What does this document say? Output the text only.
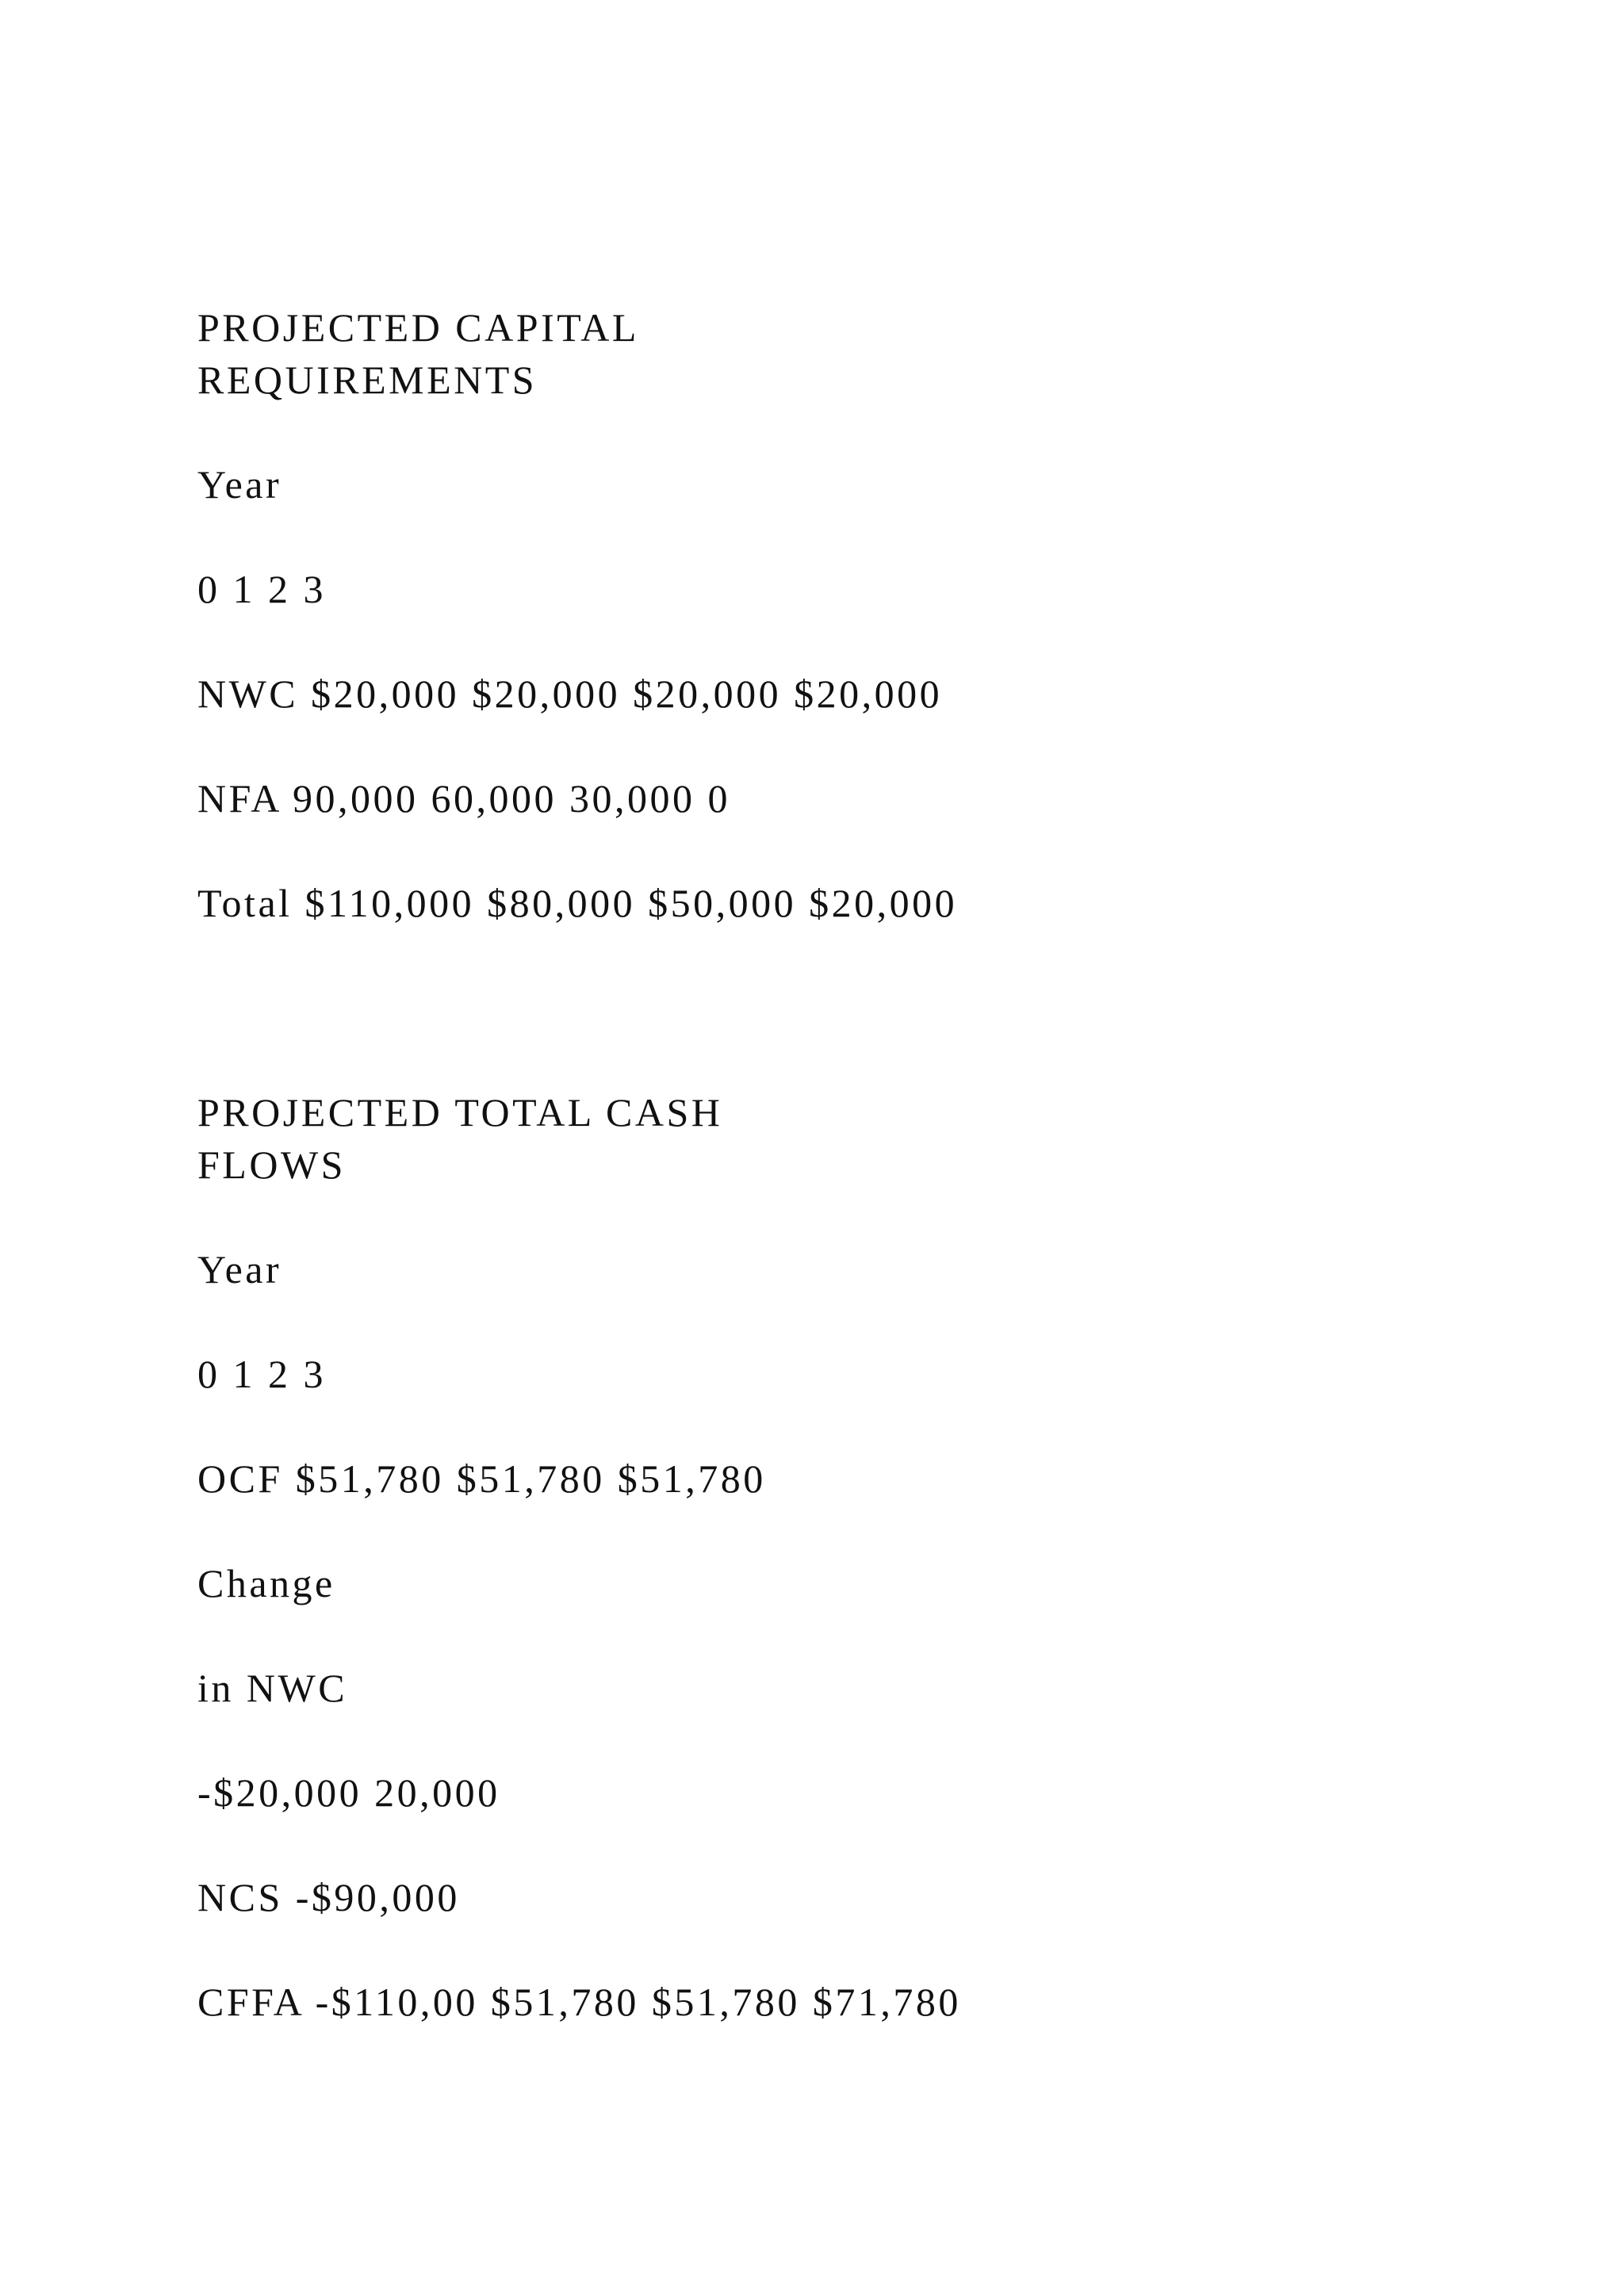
PROJECTED CAPITAL
REQUIREMENTS

Year

0 1 2 3

NWC $20,000 $20,000 $20,000 $20,000

NFA 90,000 60,000 30,000 0

Total $110,000 $80,000 $50,000 $20,000

PROJECTED TOTAL CASH
FLOWS

Year

0 1 2 3

OCF $51,780 $51,780 $51,780

Change

in NWC

-$20,000 20,000

NCS -$90,000

CFFA -$110,00 $51,780 $51,780 $71,780
